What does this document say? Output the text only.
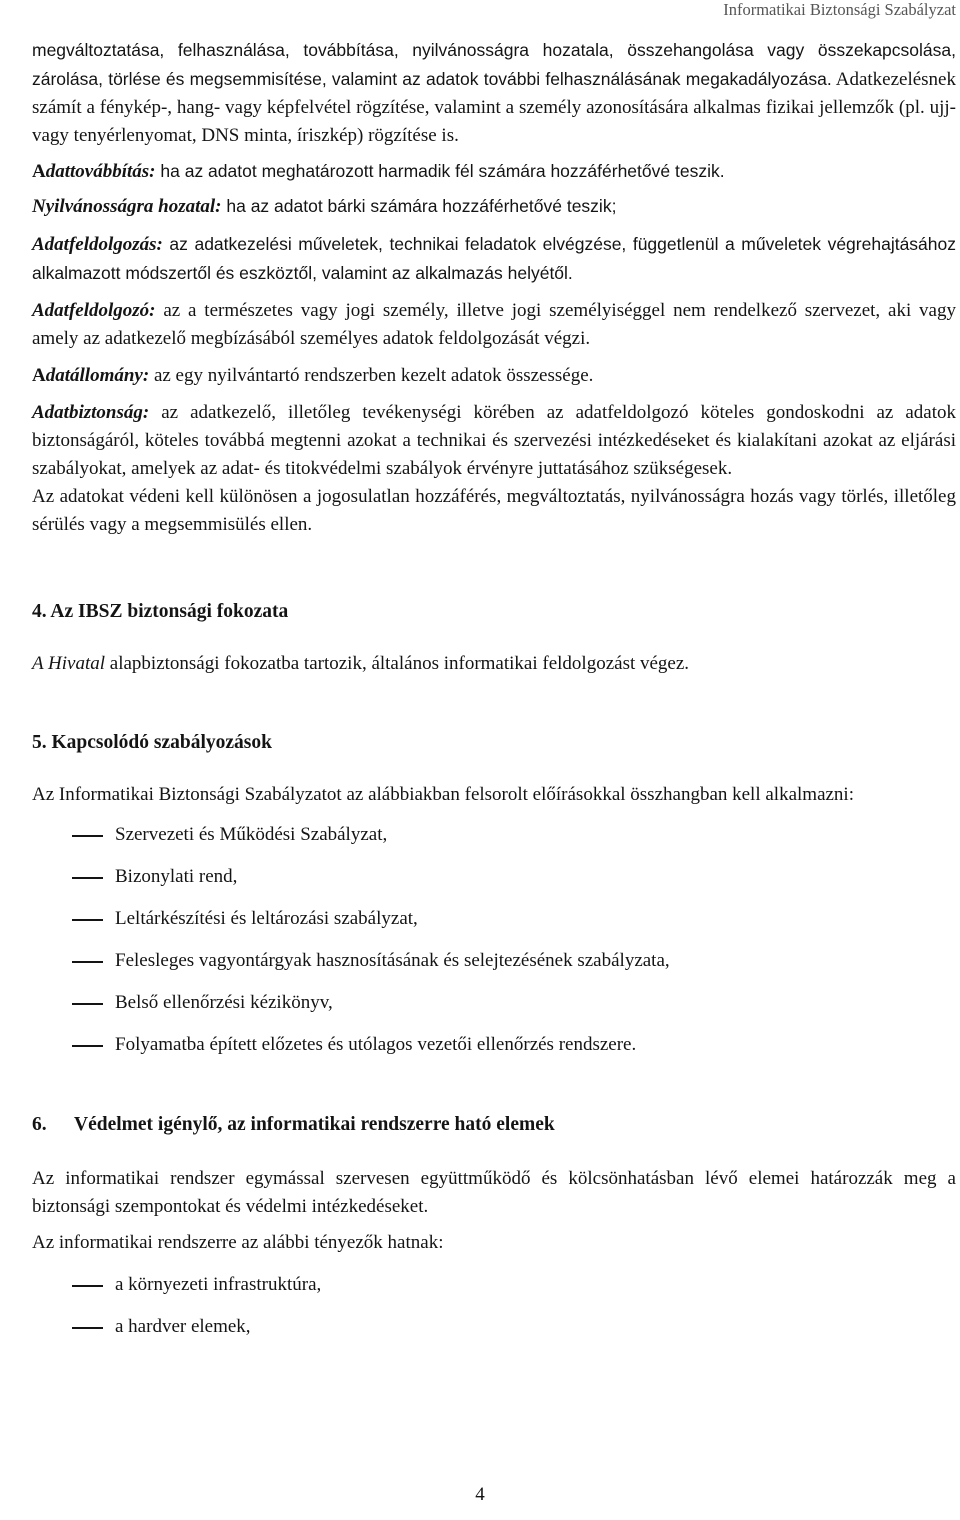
Informatikai Biztonsági Szabályzat

megváltoztatása, felhasználása, továbbítása, nyilvánosságra hozatala, összehangolása vagy összekapcsolása, zárolása, törlése és megsemmisítése, valamint az adatok további felhasználásának megakadályozása. Adatkezelésnek számít a fénykép-, hang- vagy képfelvétel rögzítése, valamint a személy azonosítására alkalmas fizikai jellemzők (pl. ujj- vagy tenyérlenyomat, DNS minta, íriszkép) rögzítése is.

Adattovábbítás: ha az adatot meghatározott harmadik fél számára hozzáférhetővé teszik.

Nyilvánosságra hozatal: ha az adatot bárki számára hozzáférhetővé teszik;

Adatfeldolgozás: az adatkezelési műveletek, technikai feladatok elvégzése, függetlenül a műveletek végrehajtásához alkalmazott módszertől és eszköztől, valamint az alkalmazás helyétől.

Adatfeldolgozó: az a természetes vagy jogi személy, illetve jogi személyiséggel nem rendelkező szervezet, aki vagy amely az adatkezelő megbízásából személyes adatok feldolgozását végzi.

Adatállomány: az egy nyilvántartó rendszerben kezelt adatok összessége.

Adatbiztonság: az adatkezelő, illetőleg tevékenységi körében az adatfeldolgozó köteles gondoskodni az adatok biztonságáról, köteles továbbá megtenni azokat a technikai és szervezési intézkedéseket és kialakítani azokat az eljárási szabályokat, amelyek az adat- és titokvédelmi szabályok érvényre juttatásához szükségesek.

Az adatokat védeni kell különösen a jogosulatlan hozzáférés, megváltoztatás, nyilvánosságra hozás vagy törlés, illetőleg sérülés vagy a megsemmisülés ellen.

4. Az IBSZ biztonsági fokozata

A Hivatal alapbiztonsági fokozatba tartozik, általános informatikai feldolgozást végez.

5. Kapcsolódó szabályozások

Az Informatikai Biztonsági Szabályzatot az alábbiakban felsorolt előírásokkal összhangban kell alkalmazni:

Szervezeti és Működési Szabályzat,
Bizonylati rend,
Leltárkészítési és leltározási szabályzat,
Felesleges vagyontárgyak hasznosításának és selejtezésének szabályzata,
Belső ellenőrzési kézikönyv,
Folyamatba épített előzetes és utólagos vezetői ellenőrzés rendszere.

6. Védelmet igénylő, az informatikai rendszerre ható elemek

Az informatikai rendszer egymással szervesen együttműködő és kölcsönhatásban lévő elemei határozzák meg a biztonsági szempontokat és védelmi intézkedéseket.

Az informatikai rendszerre az alábbi tényezők hatnak:

a környezeti infrastruktúra,
a hardver elemek,
4
